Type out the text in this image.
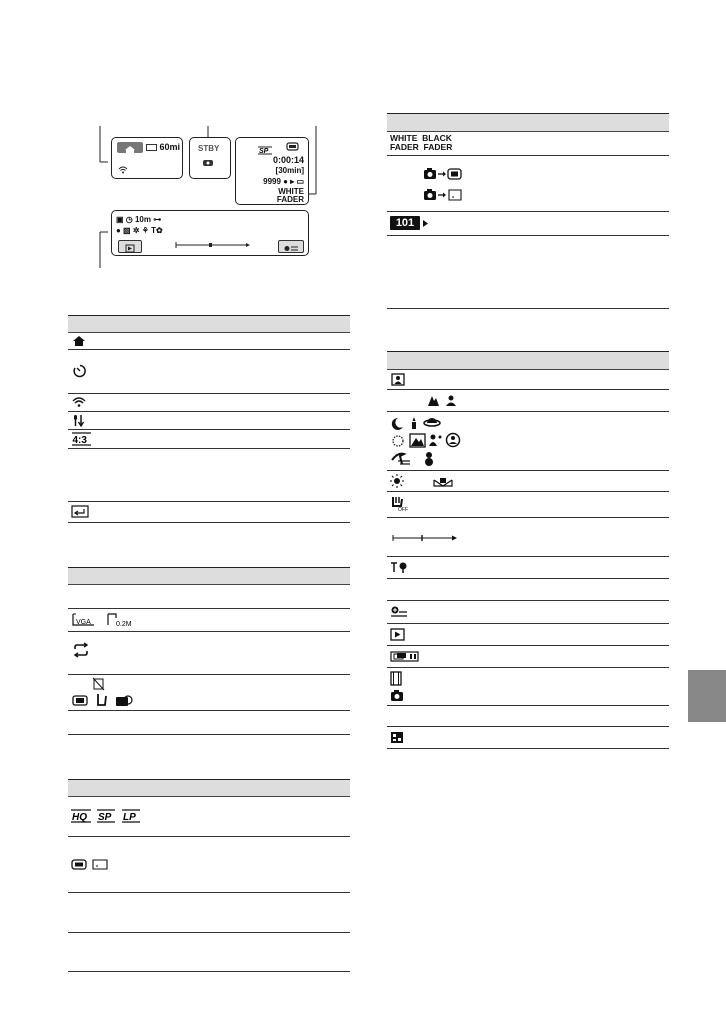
60mi STBY	SP
0:00:14
[30min]
9999 ● ▸ ▭
WHITE
FADER
▣ ◷ 10m ⊶
● ▧ ✲ ⚘ T✿
4:3
VGA	0.2M
HQ SP LP
WHITE BLACK
FADER FADER
101
OFF
